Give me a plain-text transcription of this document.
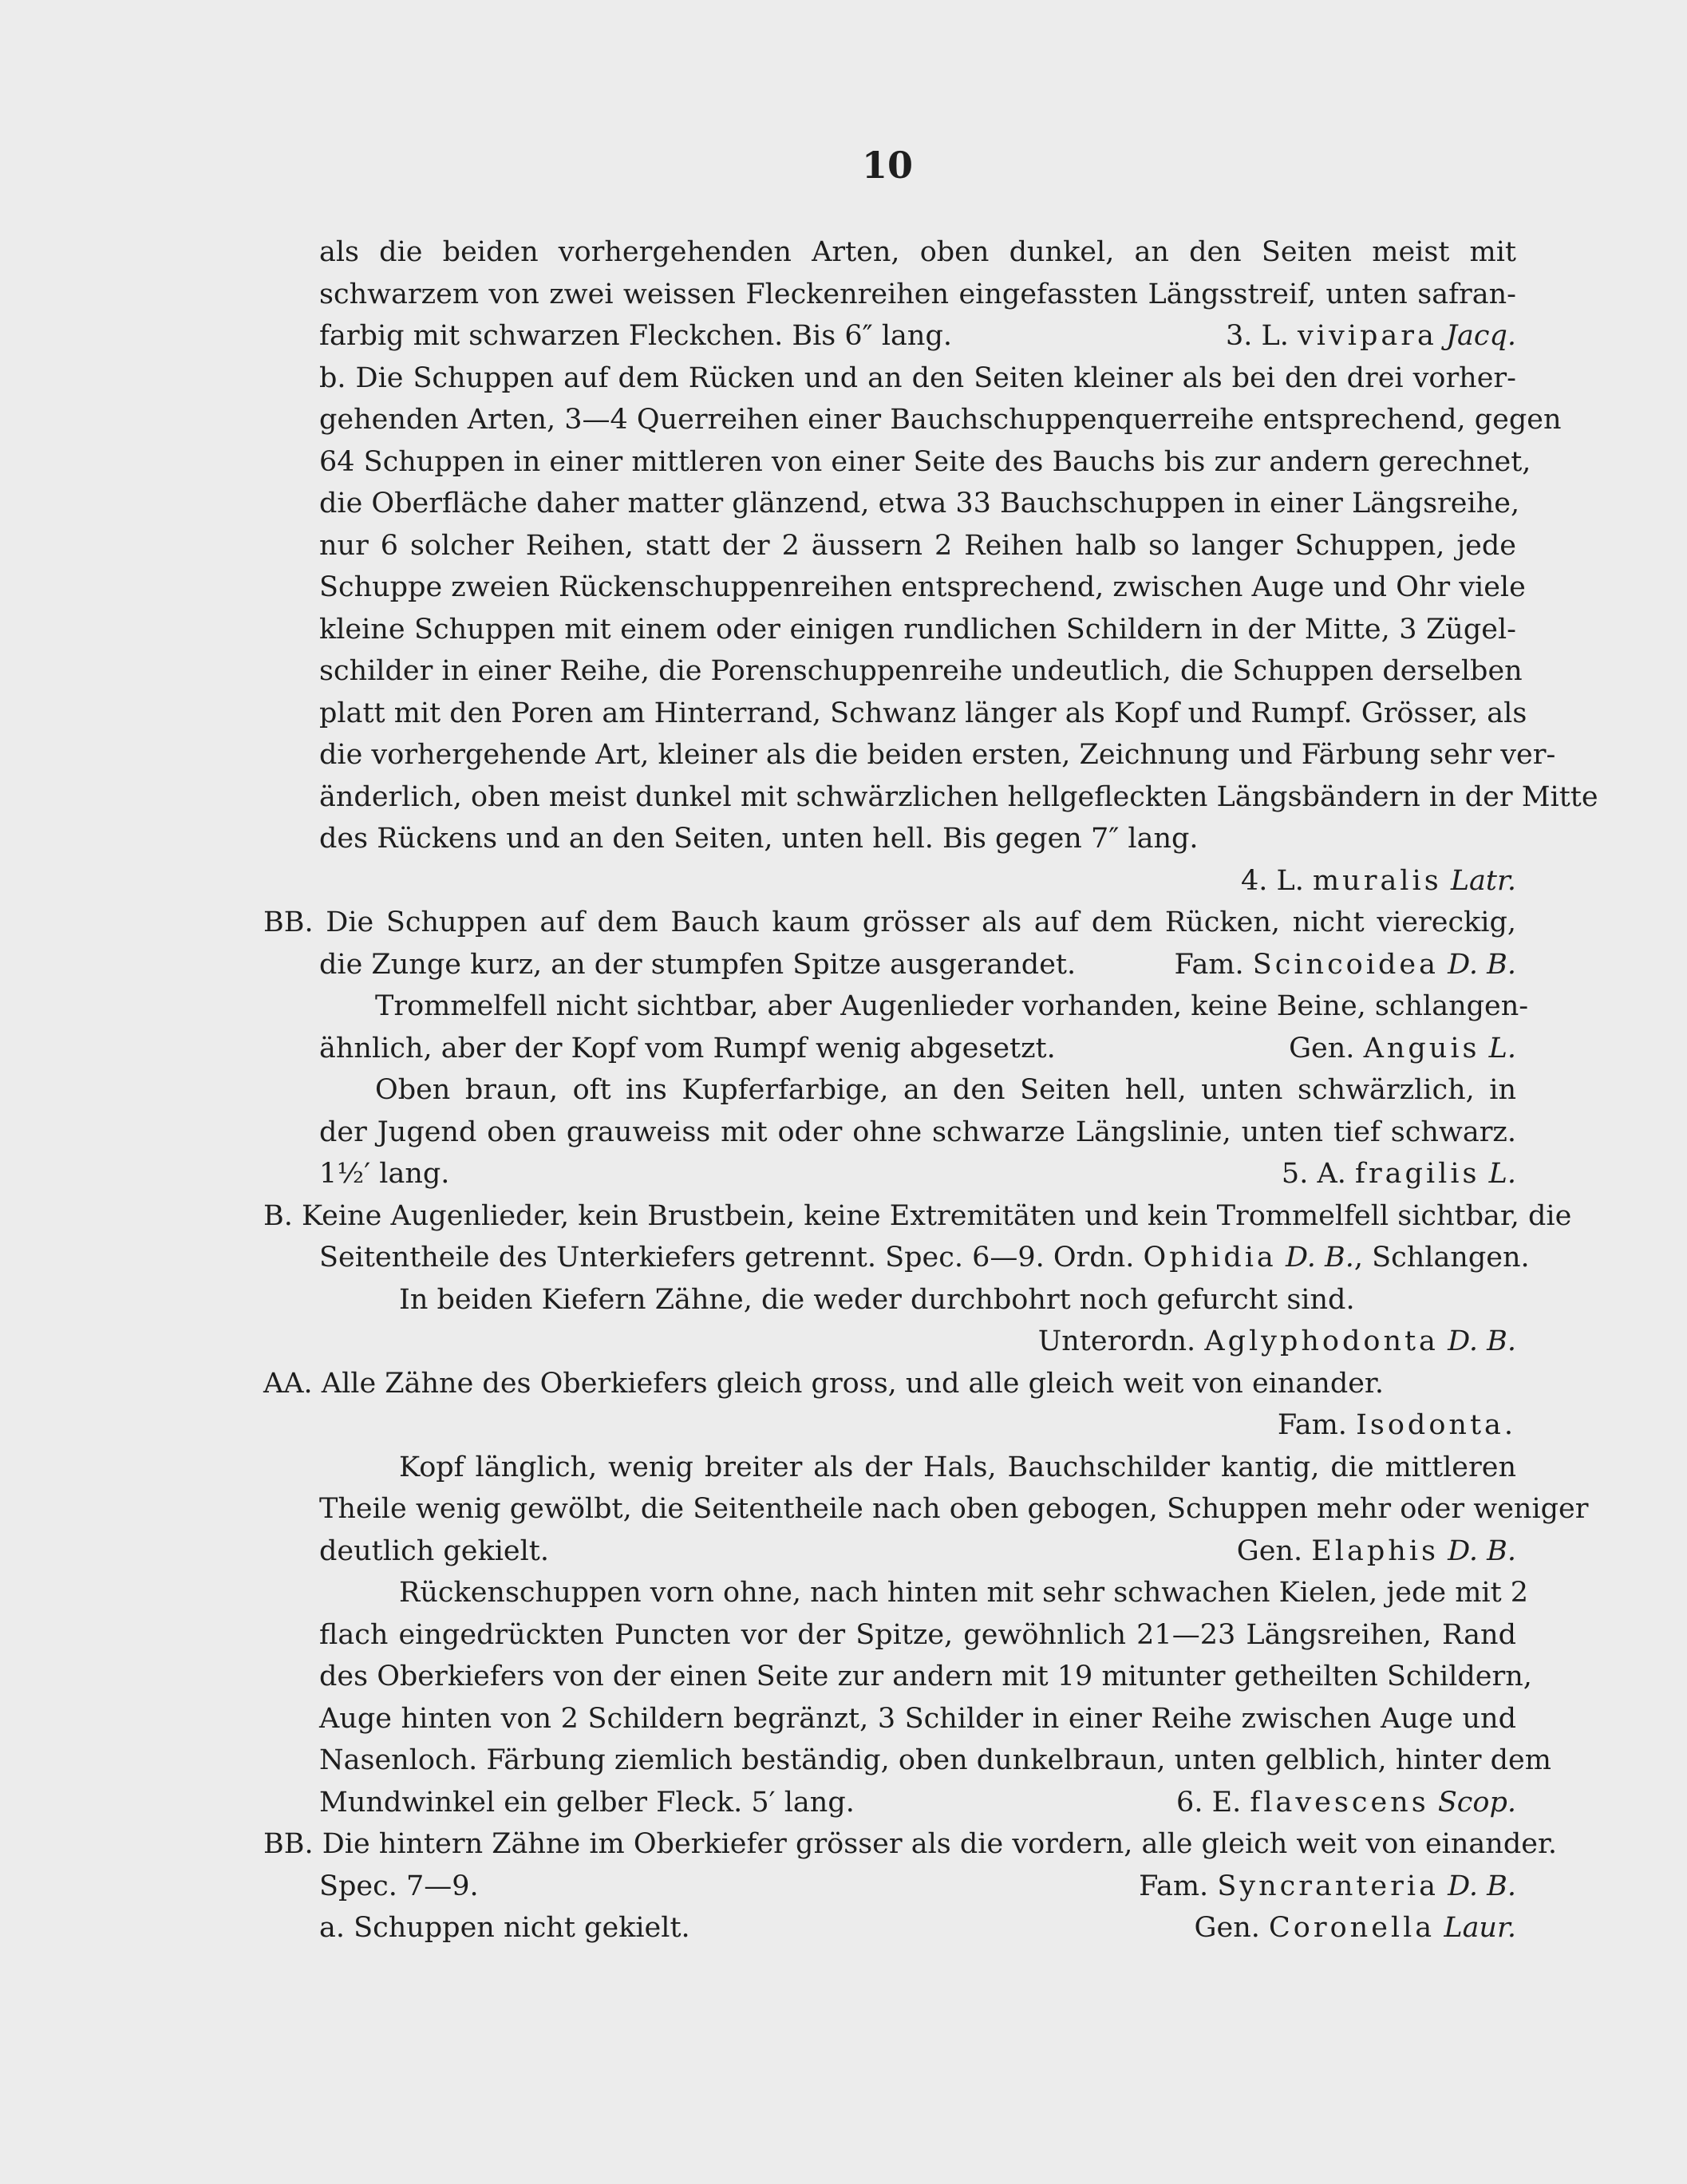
10
als die beiden vorhergehenden Arten, oben dunkel, an den Seiten meist mit
schwarzem von zwei weissen Fleckenreihen eingefassten Längsstreif, unten safran-
farbig mit schwarzen Fleckchen. Bis 6″ lang.	3. L. vivipara Jacq.
b. Die Schuppen auf dem Rücken und an den Seiten kleiner als bei den drei vorher-
gehenden Arten, 3—4 Querreihen einer Bauchschuppenquerreihe entsprechend, gegen
64 Schuppen in einer mittleren von einer Seite des Bauchs bis zur andern gerechnet,
die Oberfläche daher matter glänzend, etwa 33 Bauchschuppen in einer Längsreihe,
nur 6 solcher Reihen, statt der 2 äussern 2 Reihen halb so langer Schuppen, jede
Schuppe zweien Rückenschuppenreihen entsprechend, zwischen Auge und Ohr viele
kleine Schuppen mit einem oder einigen rundlichen Schildern in der Mitte, 3 Zügel-
schilder in einer Reihe, die Porenschuppenreihe undeutlich, die Schuppen derselben
platt mit den Poren am Hinterrand, Schwanz länger als Kopf und Rumpf. Grösser, als
die vorhergehende Art, kleiner als die beiden ersten, Zeichnung und Färbung sehr ver-
änderlich, oben meist dunkel mit schwärzlichen hellgefleckten Längsbändern in der Mitte
des Rückens und an den Seiten, unten hell. Bis gegen 7″ lang.
4. L. muralis Latr.
BB. Die Schuppen auf dem Bauch kaum grösser als auf dem Rücken, nicht viereckig,
die Zunge kurz, an der stumpfen Spitze ausgerandet.	Fam. Scincoidea D. B.
Trommelfell nicht sichtbar, aber Augenlieder vorhanden, keine Beine, schlangen-
ähnlich, aber der Kopf vom Rumpf wenig abgesetzt.	Gen. Anguis L.
Oben braun, oft ins Kupferfarbige, an den Seiten hell, unten schwärzlich, in
der Jugend oben grauweiss mit oder ohne schwarze Längslinie, unten tief schwarz.
1½′ lang.	5. A. fragilis L.
B. Keine Augenlieder, kein Brustbein, keine Extremitäten und kein Trommelfell sichtbar, die
Seitentheile des Unterkiefers getrennt. Spec. 6—9. Ordn. Ophidia D. B., Schlangen.
In beiden Kiefern Zähne, die weder durchbohrt noch gefurcht sind.
Unterordn. Aglyphodonta D. B.
AA. Alle Zähne des Oberkiefers gleich gross, und alle gleich weit von einander.
Fam. Isodonta.
Kopf länglich, wenig breiter als der Hals, Bauchschilder kantig, die mittleren
Theile wenig gewölbt, die Seitentheile nach oben gebogen, Schuppen mehr oder weniger
deutlich gekielt.	Gen. Elaphis D. B.
Rückenschuppen vorn ohne, nach hinten mit sehr schwachen Kielen, jede mit 2
flach eingedrückten Puncten vor der Spitze, gewöhnlich 21—23 Längsreihen, Rand
des Oberkiefers von der einen Seite zur andern mit 19 mitunter getheilten Schildern,
Auge hinten von 2 Schildern begränzt, 3 Schilder in einer Reihe zwischen Auge und
Nasenloch. Färbung ziemlich beständig, oben dunkelbraun, unten gelblich, hinter dem
Mundwinkel ein gelber Fleck. 5′ lang.	6. E. flavescens Scop.
BB. Die hintern Zähne im Oberkiefer grösser als die vordern, alle gleich weit von einander.
Spec. 7—9.	Fam. Syncranteria D. B.
a. Schuppen nicht gekielt.	Gen. Coronella Laur.
